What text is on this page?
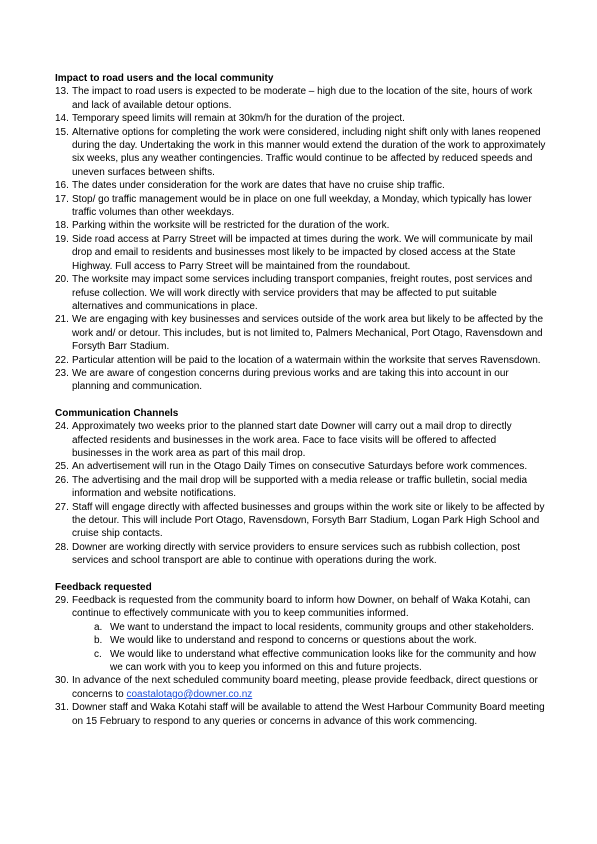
Impact to road users and the local community

13. The impact to road users is expected to be moderate – high due to the location of the site, hours of work and lack of available detour options.
14. Temporary speed limits will remain at 30km/h for the duration of the project.
15. Alternative options for completing the work were considered, including night shift only with lanes reopened during the day. Undertaking the work in this manner would extend the duration of the work to approximately six weeks, plus any weather contingencies. Traffic would continue to be affected by reduced speeds and uneven surfaces between shifts.
16. The dates under consideration for the work are dates that have no cruise ship traffic.
17. Stop/ go traffic management would be in place on one full weekday, a Monday, which typically has lower traffic volumes than other weekdays.
18. Parking within the worksite will be restricted for the duration of the work.
19. Side road access at Parry Street will be impacted at times during the work. We will communicate by mail drop and email to residents and businesses most likely to be impacted by closed access at the State Highway. Full access to Parry Street will be maintained from the roundabout.
20. The worksite may impact some services including transport companies, freight routes, post services and refuse collection. We will work directly with service providers that may be affected to put suitable alternatives and communications in place.
21. We are engaging with key businesses and services outside of the work area but likely to be affected by the work and/ or detour. This includes, but is not limited to, Palmers Mechanical, Port Otago, Ravensdown and Forsyth Barr Stadium.
22. Particular attention will be paid to the location of a watermain within the worksite that serves Ravensdown.
23. We are aware of congestion concerns during previous works and are taking this into account in our planning and communication.

Communication Channels

24. Approximately two weeks prior to the planned start date Downer will carry out a mail drop to directly affected residents and businesses in the work area. Face to face visits will be offered to affected businesses in the work area as part of this mail drop.
25. An advertisement will run in the Otago Daily Times on consecutive Saturdays before work commences.
26. The advertising and the mail drop will be supported with a media release or traffic bulletin, social media information and website notifications.
27. Staff will engage directly with affected businesses and groups within the work site or likely to be affected by the detour. This will include Port Otago, Ravensdown, Forsyth Barr Stadium, Logan Park High School and cruise ship contacts.
28. Downer are working directly with service providers to ensure services such as rubbish collection, post services and school transport are able to continue with operations during the work.

Feedback requested

29. Feedback is requested from the community board to inform how Downer, on behalf of Waka Kotahi, can continue to effectively communicate with you to keep communities informed.
a. We want to understand the impact to local residents, community groups and other stakeholders.
b. We would like to understand and respond to concerns or questions about the work.
c. We would like to understand what effective communication looks like for the community and how we can work with you to keep you informed on this and future projects.
30. In advance of the next scheduled community board meeting, please provide feedback, direct questions or concerns to coastalotago@downer.co.nz
31. Downer staff and Waka Kotahi staff will be available to attend the West Harbour Community Board meeting on 15 February to respond to any queries or concerns in advance of this work commencing.
